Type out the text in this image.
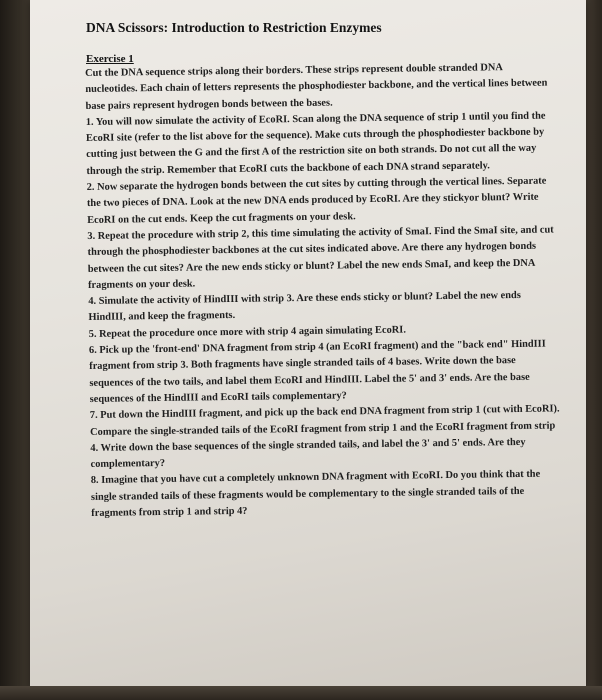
DNA Scissors: Introduction to Restriction Enzymes
Exercise 1

Cut the DNA sequence strips along their borders. These strips represent double stranded DNA nucleotides. Each chain of letters represents the phosphodiester backbone, and the vertical lines between base pairs represent hydrogen bonds between the bases.

1. You will now simulate the activity of EcoRI. Scan along the DNA sequence of strip 1 until you find the EcoRI site (refer to the list above for the sequence). Make cuts through the phosphodiester backbone by cutting just between the G and the first A of the restriction site on both strands. Do not cut all the way through the strip. Remember that EcoRI cuts the backbone of each DNA strand separately.

2. Now separate the hydrogen bonds between the cut sites by cutting through the vertical lines. Separate the two pieces of DNA. Look at the new DNA ends produced by EcoRI. Are they stickyor blunt? Write EcoRI on the cut ends. Keep the cut fragments on your desk.

3. Repeat the procedure with strip 2, this time simulating the activity of SmaI. Find the SmaI site, and cut through the phosphodiester backbones at the cut sites indicated above. Are there any hydrogen bonds between the cut sites? Are the new ends sticky or blunt? Label the new ends SmaI, and keep the DNA fragments on your desk.

4. Simulate the activity of HindIII with strip 3. Are these ends sticky or blunt? Label the new ends HindIII, and keep the fragments.

5. Repeat the procedure once more with strip 4 again simulating EcoRI.

6. Pick up the 'front-end' DNA fragment from strip 4 (an EcoRI fragment) and the "back end" HindIII fragment from strip 3. Both fragments have single stranded tails of 4 bases. Write down the base sequences of the two tails, and label them EcoRI and HindIII. Label the 5' and 3' ends. Are the base sequences of the HindIII and EcoRI tails complementary?

7. Put down the HindIII fragment, and pick up the back end DNA fragment from strip 1 (cut with EcoRI). Compare the single-stranded tails of the EcoRI fragment from strip 1 and the EcoRI fragment from strip 4. Write down the base sequences of the single stranded tails, and label the 3' and 5' ends. Are they complementary?

8. Imagine that you have cut a completely unknown DNA fragment with EcoRI. Do you think that the single stranded tails of these fragments would be complementary to the single stranded tails of the fragments from strip 1 and strip 4?
